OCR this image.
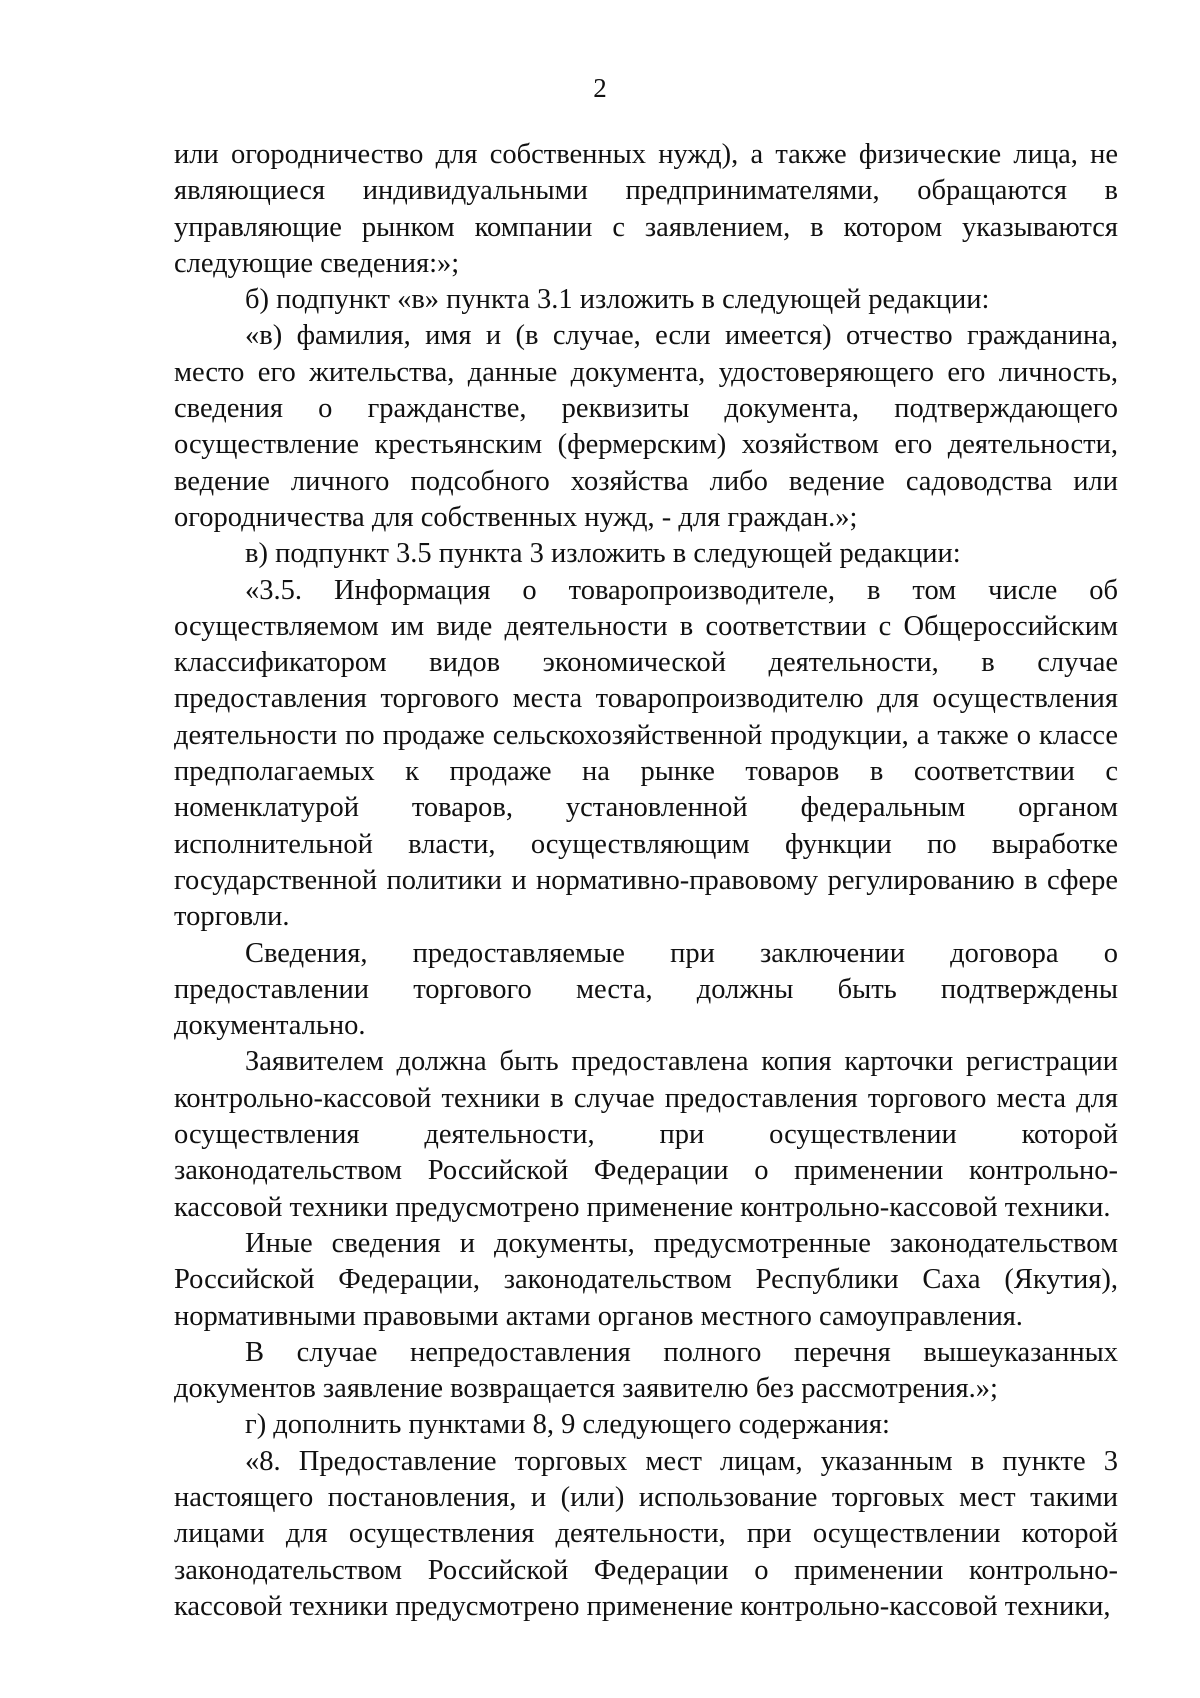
2

или огородничество для собственных нужд), а также физические лица, не являющиеся индивидуальными предпринимателями, обращаются в управляющие рынком компании с заявлением, в котором указываются следующие сведения:»;

б) подпункт «в» пункта 3.1 изложить в следующей редакции:

«в) фамилия, имя и (в случае, если имеется) отчество гражданина, место его жительства, данные документа, удостоверяющего его личность, сведения о гражданстве, реквизиты документа, подтверждающего осуществление крестьянским (фермерским) хозяйством его деятельности, ведение личного подсобного хозяйства либо ведение садоводства или огородничества для собственных нужд, - для граждан.»;

в) подпункт 3.5 пункта 3 изложить в следующей редакции:

«3.5. Информация о товаропроизводителе, в том числе об осуществляемом им виде деятельности в соответствии с Общероссийским классификатором видов экономической деятельности, в случае предоставления торгового места товаропроизводителю для осуществления деятельности по продаже сельскохозяйственной продукции, а также о классе предполагаемых к продаже на рынке товаров в соответствии с номенклатурой товаров, установленной федеральным органом исполнительной власти, осуществляющим функции по выработке государственной политики и нормативно-правовому регулированию в сфере торговли.

Сведения, предоставляемые при заключении договора о предоставлении торгового места, должны быть подтверждены документально.

Заявителем должна быть предоставлена копия карточки регистрации контрольно-кассовой техники в случае предоставления торгового места для осуществления деятельности, при осуществлении которой законодательством Российской Федерации о применении контрольно-кассовой техники предусмотрено применение контрольно-кассовой техники.

Иные сведения и документы, предусмотренные законодательством Российской Федерации, законодательством Республики Саха (Якутия), нормативными правовыми актами органов местного самоуправления.

В случае непредоставления полного перечня вышеуказанных документов заявление возвращается заявителю без рассмотрения.»;

г) дополнить пунктами 8, 9 следующего содержания:

«8. Предоставление торговых мест лицам, указанным в пункте 3 настоящего постановления, и (или) использование торговых мест такими лицами для осуществления деятельности, при осуществлении которой законодательством Российской Федерации о применении контрольно-кассовой техники предусмотрено применение контрольно-кассовой техники,
